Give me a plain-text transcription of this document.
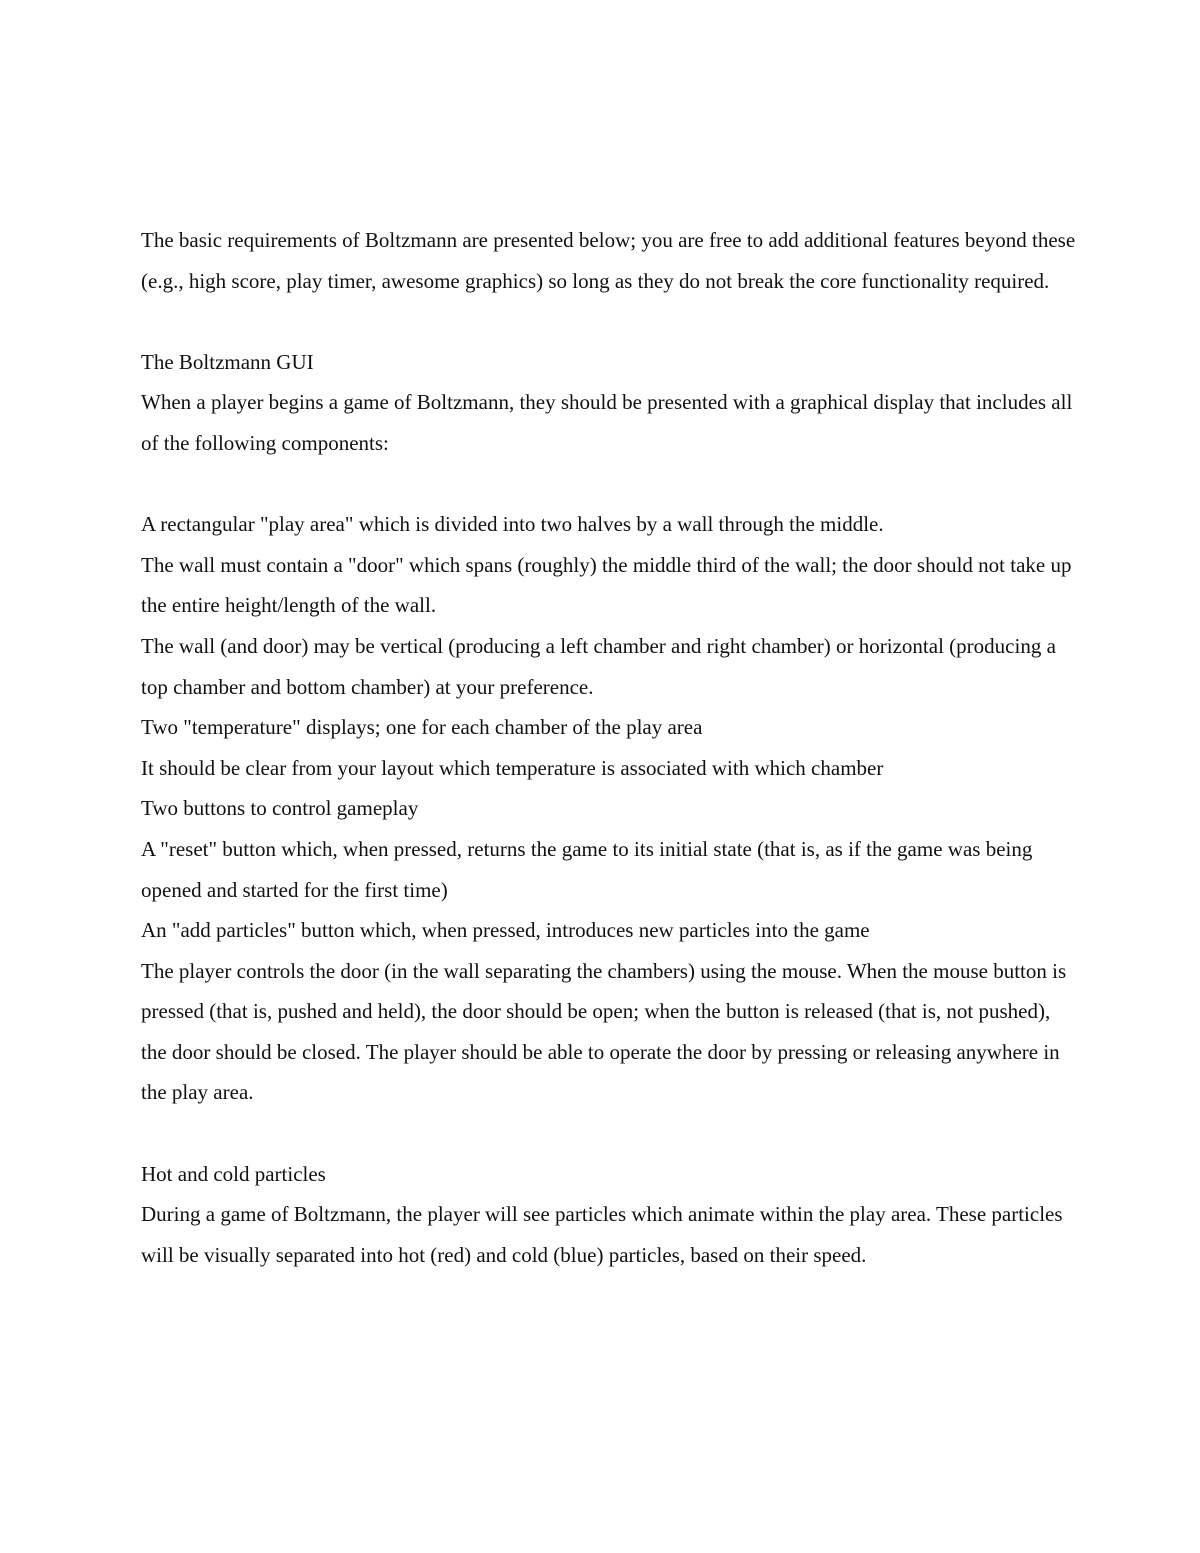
The basic requirements of Boltzmann are presented below; you are free to add additional features beyond these (e.g., high score, play timer, awesome graphics) so long as they do not break the core functionality required.

The Boltzmann GUI

When a player begins a game of Boltzmann, they should be presented with a graphical display that includes all of the following components:

A rectangular "play area" which is divided into two halves by a wall through the middle.

The wall must contain a "door" which spans (roughly) the middle third of the wall; the door should not take up the entire height/length of the wall.

The wall (and door) may be vertical (producing a left chamber and right chamber) or horizontal (producing a top chamber and bottom chamber) at your preference.

Two "temperature" displays; one for each chamber of the play area

It should be clear from your layout which temperature is associated with which chamber

Two buttons to control gameplay

A "reset" button which, when pressed, returns the game to its initial state (that is, as if the game was being opened and started for the first time)

An "add particles" button which, when pressed, introduces new particles into the game

The player controls the door (in the wall separating the chambers) using the mouse. When the mouse button is pressed (that is, pushed and held), the door should be open; when the button is released (that is, not pushed), the door should be closed. The player should be able to operate the door by pressing or releasing anywhere in the play area.

Hot and cold particles

During a game of Boltzmann, the player will see particles which animate within the play area. These particles will be visually separated into hot (red) and cold (blue) particles, based on their speed.
